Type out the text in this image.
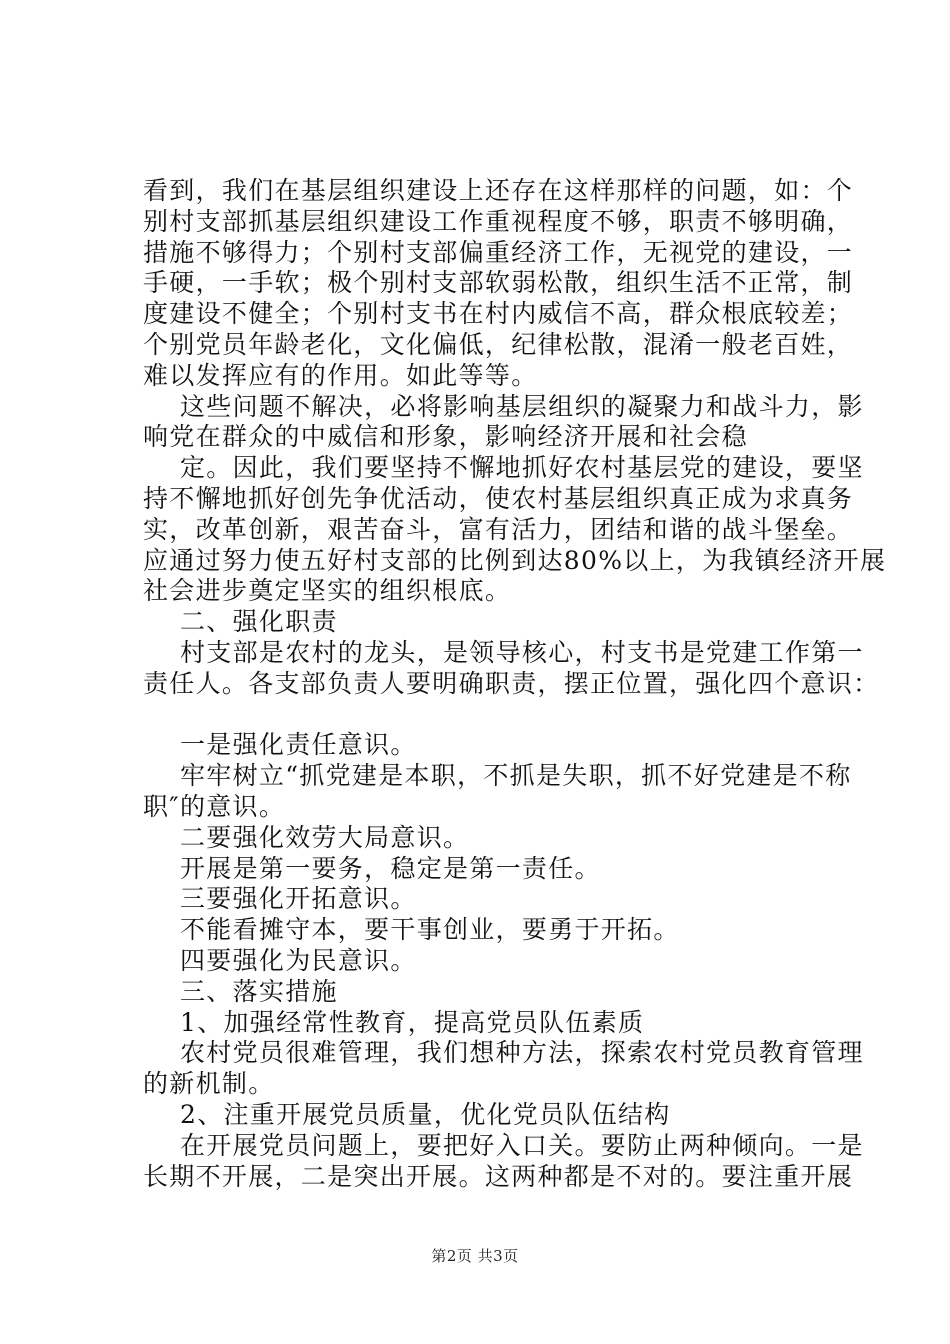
看到，我们在基层组织建设上还存在这样那样的问题，如：个
别村支部抓基层组织建设工作重视程度不够，职责不够明确，
措施不够得力；个别村支部偏重经济工作，无视党的建设，一
手硬，一手软；极个别村支部软弱松散，组织生活不正常，制
度建设不健全；个别村支书在村内威信不高，群众根底较差；
个别党员年龄老化，文化偏低，纪律松散，混淆一般老百姓，
难以发挥应有的作用。如此等等。
这些问题不解决，必将影响基层组织的凝聚力和战斗力，影
响党在群众的中威信和形象，影响经济开展和社会稳
定。因此，我们要坚持不懈地抓好农村基层党的建设，要坚
持不懈地抓好创先争优活动，使农村基层组织真正成为求真务
实，改革创新，艰苦奋斗，富有活力，团结和谐的战斗堡垒。
应通过努力使五好村支部的比例到达80%以上，为我镇经济开展
社会进步奠定坚实的组织根底。
二、强化职责
村支部是农村的龙头，是领导核心，村支书是党建工作第一
责任人。各支部负责人要明确职责，摆正位置，强化四个意识：
一是强化责任意识。
牢牢树立“抓党建是本职，不抓是失职，抓不好党建是不称
职″的意识。
二要强化效劳大局意识。
开展是第一要务，稳定是第一责任。
三要强化开拓意识。
不能看摊守本，要干事创业，要勇于开拓。
四要强化为民意识。
三、落实措施
1、加强经常性教育，提高党员队伍素质
农村党员很难管理，我们想种方法，探索农村党员教育管理
的新机制。
2、注重开展党员质量，优化党员队伍结构
在开展党员问题上，要把好入口关。要防止两种倾向。一是
长期不开展，二是突出开展。这两种都是不对的。要注重开展
第2页 共3页
